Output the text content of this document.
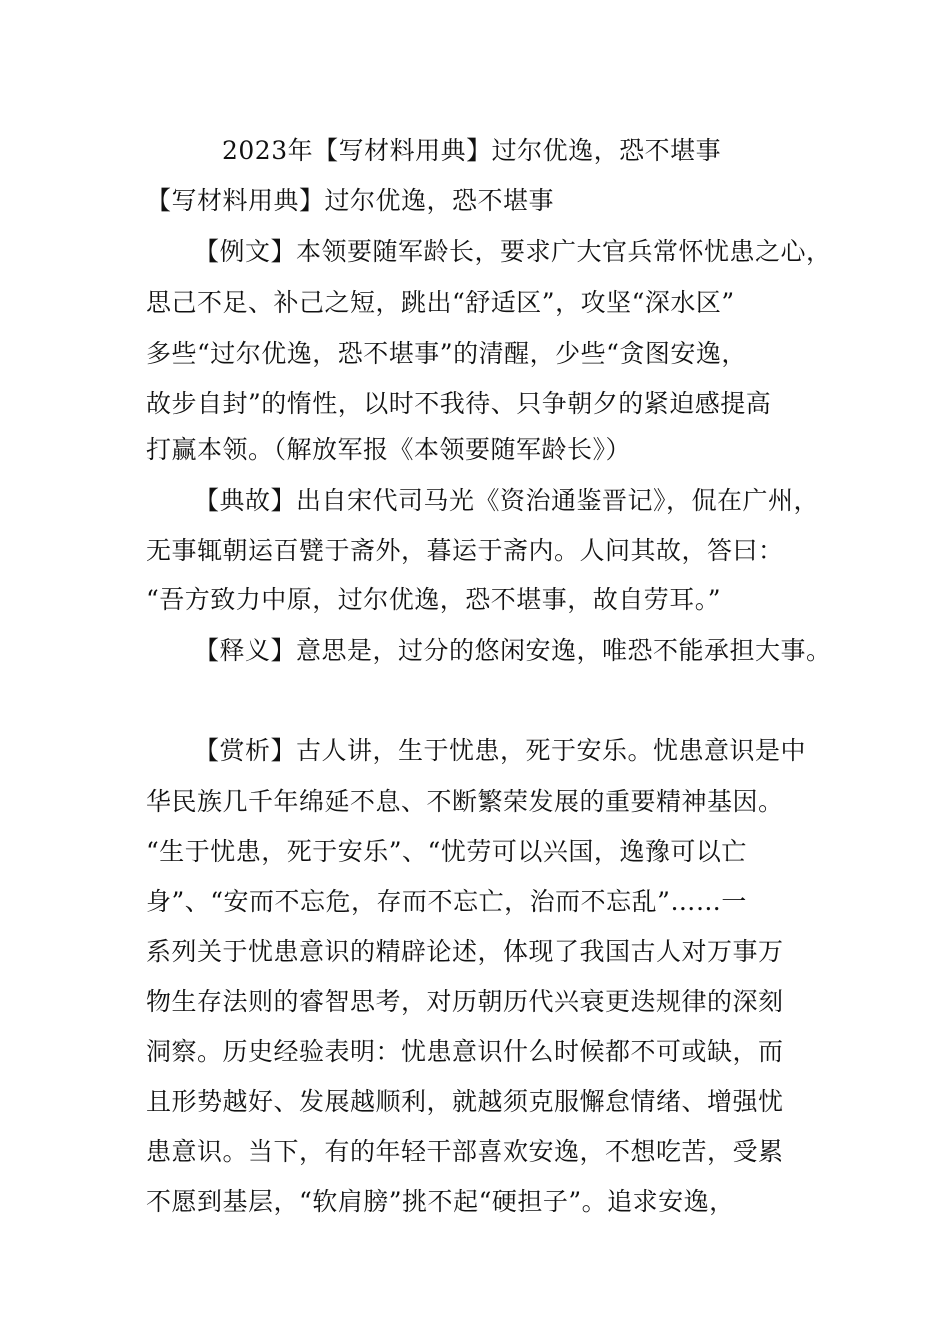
2023年【写材料用典】过尔优逸，恐不堪事
【写材料用典】过尔优逸，恐不堪事
【例文】本领要随军龄长，要求广大官兵常怀忧患之心，
思己不足、补己之短，跳出“舒适区”，攻坚“深水区”
多些“过尔优逸，恐不堪事”的清醒，少些“贪图安逸，
故步自封”的惰性，以时不我待、只争朝夕的紧迫感提高
打赢本领。（解放军报《本领要随军龄长》）
【典故】出自宋代司马光《资治通鉴晋记》，侃在广州，
无事辄朝运百甓于斋外，暮运于斋内。人问其故，答曰：
“吾方致力中原，过尔优逸，恐不堪事，故自劳耳。”
【释义】意思是，过分的悠闲安逸，唯恐不能承担大事。
【赏析】古人讲，生于忧患，死于安乐。忧患意识是中
华民族几千年绵延不息、不断繁荣发展的重要精神基因。
“生于忧患，死于安乐”、“忧劳可以兴国，逸豫可以亡
身”、“安而不忘危，存而不忘亡，治而不忘乱”……一
系列关于忧患意识的精辟论述，体现了我国古人对万事万
物生存法则的睿智思考，对历朝历代兴衰更迭规律的深刻
洞察。历史经验表明：忧患意识什么时候都不可或缺，而
且形势越好、发展越顺利，就越须克服懈怠情绪、增强忧
患意识。当下，有的年轻干部喜欢安逸，不想吃苦，受累
不愿到基层，“软肩膀”挑不起“硬担子”。追求安逸，
